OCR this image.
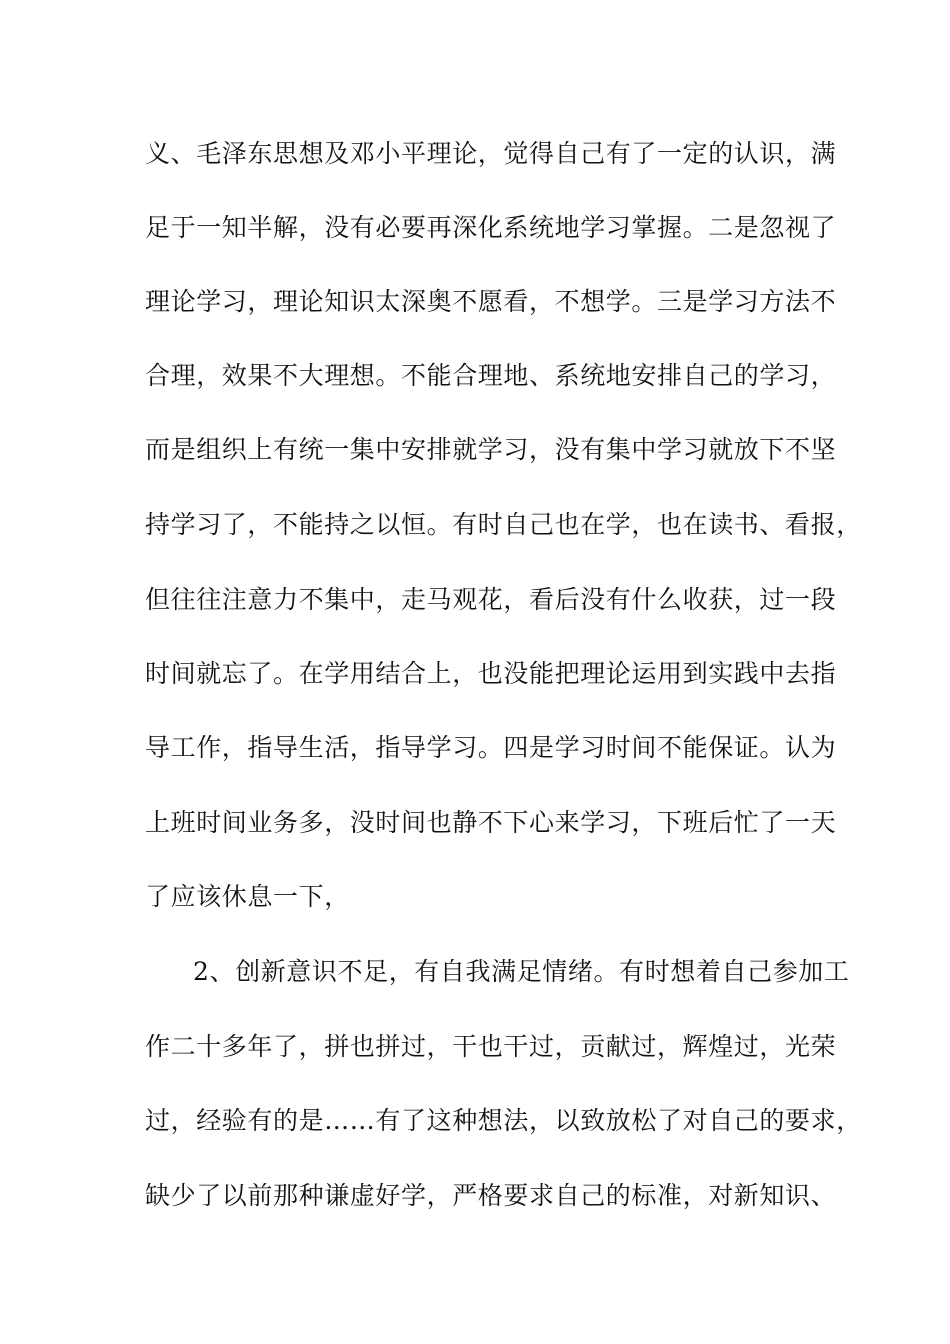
义、毛泽东思想及邓小平理论，觉得自己有了一定的认识，满
足于一知半解，没有必要再深化系统地学习掌握。二是忽视了
理论学习，理论知识太深奥不愿看，不想学。三是学习方法不
合理，效果不大理想。不能合理地、系统地安排自己的学习，
而是组织上有统一集中安排就学习，没有集中学习就放下不坚
持学习了，不能持之以恒。有时自己也在学，也在读书、看报，
但往往注意力不集中，走马观花，看后没有什么收获，过一段
时间就忘了。在学用结合上，也没能把理论运用到实践中去指
导工作，指导生活，指导学习。四是学习时间不能保证。认为
上班时间业务多，没时间也静不下心来学习，下班后忙了一天
了应该休息一下，
2、创新意识不足，有自我满足情绪。有时想着自己参加工
作二十多年了，拼也拼过，干也干过，贡献过，辉煌过，光荣
过，经验有的是……有了这种想法，以致放松了对自己的要求，
缺少了以前那种谦虚好学，严格要求自己的标准，对新知识、
